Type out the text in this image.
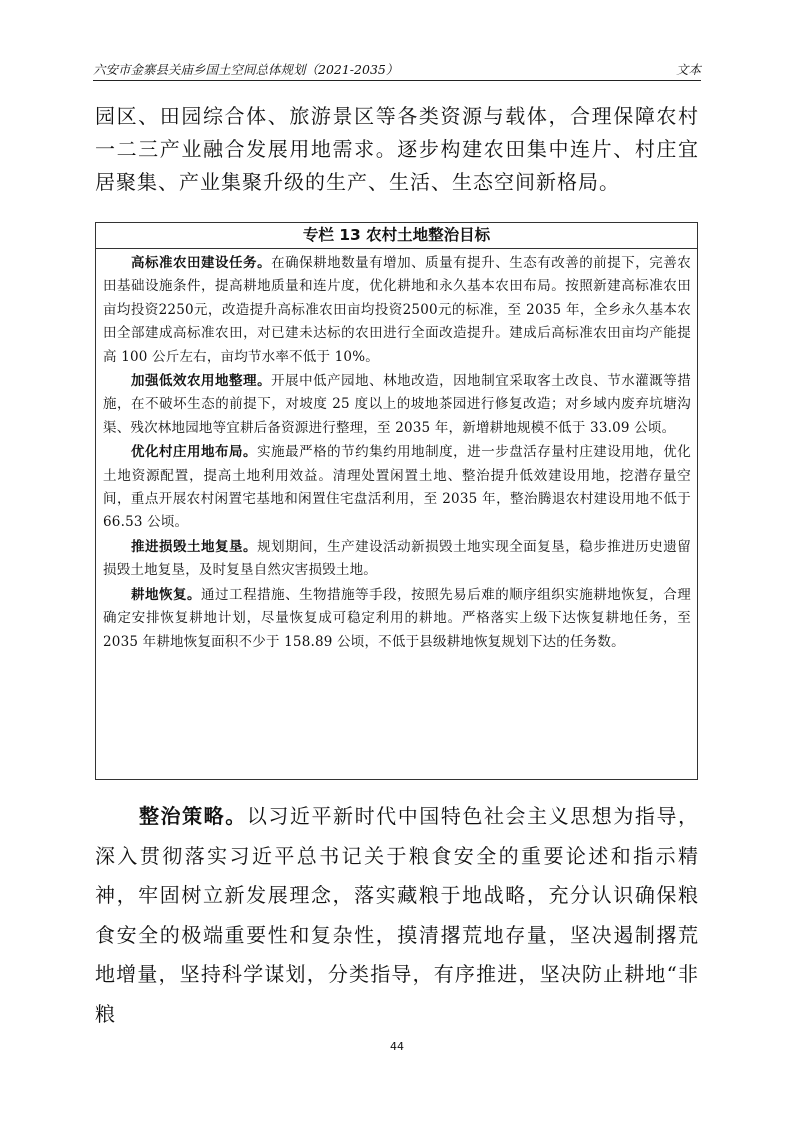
六安市金寨县关庙乡国土空间总体规划（2021-2035）	文本
园区、田园综合体、旅游景区等各类资源与载体，合理保障农村一二三产业融合发展用地需求。逐步构建农田集中连片、村庄宜居聚集、产业集聚升级的生产、生活、生态空间新格局。
专栏 13 农村土地整治目标

高标准农田建设任务。在确保耕地数量有增加、质量有提升、生态有改善的前提下，完善农田基础设施条件，提高耕地质量和连片度，优化耕地和永久基本农田布局。按照新建高标准农田亩均投资2250元，改造提升高标准农田亩均投资2500元的标准，至 2035 年，全乡永久基本农田全部建成高标准农田，对已建未达标的农田进行全面改造提升。建成后高标准农田亩均产能提高 100 公斤左右，亩均节水率不低于 10%。

加强低效农用地整理。开展中低产园地、林地改造，因地制宜采取客土改良、节水灌溉等措施，在不破坏生态的前提下，对坡度 25 度以上的坡地茶园进行修复改造；对乡域内废弃坑塘沟渠、残次林地园地等宜耕后备资源进行整理，至 2035 年，新增耕地规模不低于 33.09 公顷。

优化村庄用地布局。实施最严格的节约集约用地制度，进一步盘活存量村庄建设用地，优化土地资源配置，提高土地利用效益。清理处置闲置土地、整治提升低效建设用地，挖潜存量空间，重点开展农村闲置宅基地和闲置住宅盘活利用，至 2035 年，整治腾退农村建设用地不低于 66.53 公顷。

推进损毁土地复垦。规划期间，生产建设活动新损毁土地实现全面复垦，稳步推进历史遗留损毁土地复垦，及时复垦自然灾害损毁土地。

耕地恢复。通过工程措施、生物措施等手段，按照先易后难的顺序组织实施耕地恢复，合理确定安排恢复耕地计划，尽量恢复成可稳定利用的耕地。严格落实上级下达恢复耕地任务，至 2035 年耕地恢复面积不少于 158.89 公顷，不低于县级耕地恢复规划下达的任务数。

整治策略。以习近平新时代中国特色社会主义思想为指导，深入贯彻落实习近平总书记关于粮食安全的重要论述和指示精神，牢固树立新发展理念，落实藏粮于地战略，充分认识确保粮食安全的极端重要性和复杂性，摸清撂荒地存量，坚决遏制撂荒地增量，坚持科学谋划，分类指导，有序推进，坚决防止耕地“非粮
44
